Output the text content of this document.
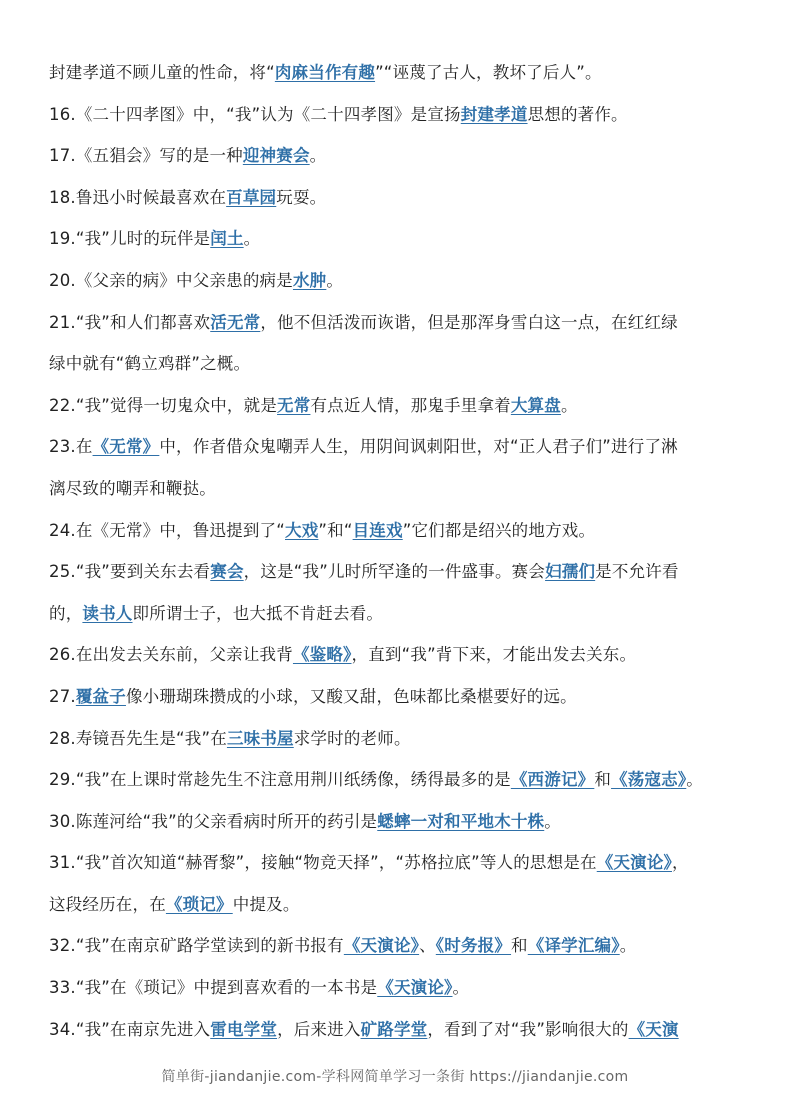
封建孝道不顾儿童的性命，将“肉麻当作有趣”“诬蔑了古人，教坏了后人”。
16.《二十四孝图》中，“我”认为《二十四孝图》是宣扬封建孝道思想的著作。
17.《五猖会》写的是一种迎神赛会。
18.鲁迅小时候最喜欢在百草园玩耍。
19.“我”儿时的玩伴是闰土。
20.《父亲的病》中父亲患的病是水肿。
21.“我”和人们都喜欢活无常，他不但活泼而诙谐，但是那浑身雪白这一点，在红红绿
绿中就有“鹤立鸡群”之概。
22.“我”觉得一切鬼众中，就是无常有点近人情，那鬼手里拿着大算盘。
23.在《无常》中，作者借众鬼嘲弄人生，用阴间讽刺阳世，对“正人君子们”进行了淋
漓尽致的嘲弄和鞭挞。
24.在《无常》中，鲁迅提到了“大戏”和“目连戏”它们都是绍兴的地方戏。
25.“我”要到关东去看赛会，这是“我”儿时所罕逢的一件盛事。赛会妇孺们是不允许看
的，读书人即所谓士子，也大抵不肯赶去看。
26.在出发去关东前，父亲让我背《鉴略》，直到“我”背下来，才能出发去关东。
27.覆盆子像小珊瑚珠攒成的小球，又酸又甜，色味都比桑椹要好的远。
28.寿镜吾先生是“我”在三味书屋求学时的老师。
29.“我”在上课时常趁先生不注意用荆川纸绣像，绣得最多的是《西游记》和《荡寇志》。
30.陈莲河给“我”的父亲看病时所开的药引是蟋蟀一对和平地木十株。
31.“我”首次知道“赫胥黎”，接触“物竞天择”，“苏格拉底”等人的思想是在《天演论》，
这段经历在，在《琐记》中提及。
32.“我”在南京矿路学堂读到的新书报有《天演论》、《时务报》和《译学汇编》。
33.“我”在《琐记》中提到喜欢看的一本书是《天演论》。
34.“我”在南京先进入雷电学堂，后来进入矿路学堂，看到了对“我”影响很大的《天演
简单街-jiandanjie.com-学科网简单学习一条街 https://jiandanjie.com
